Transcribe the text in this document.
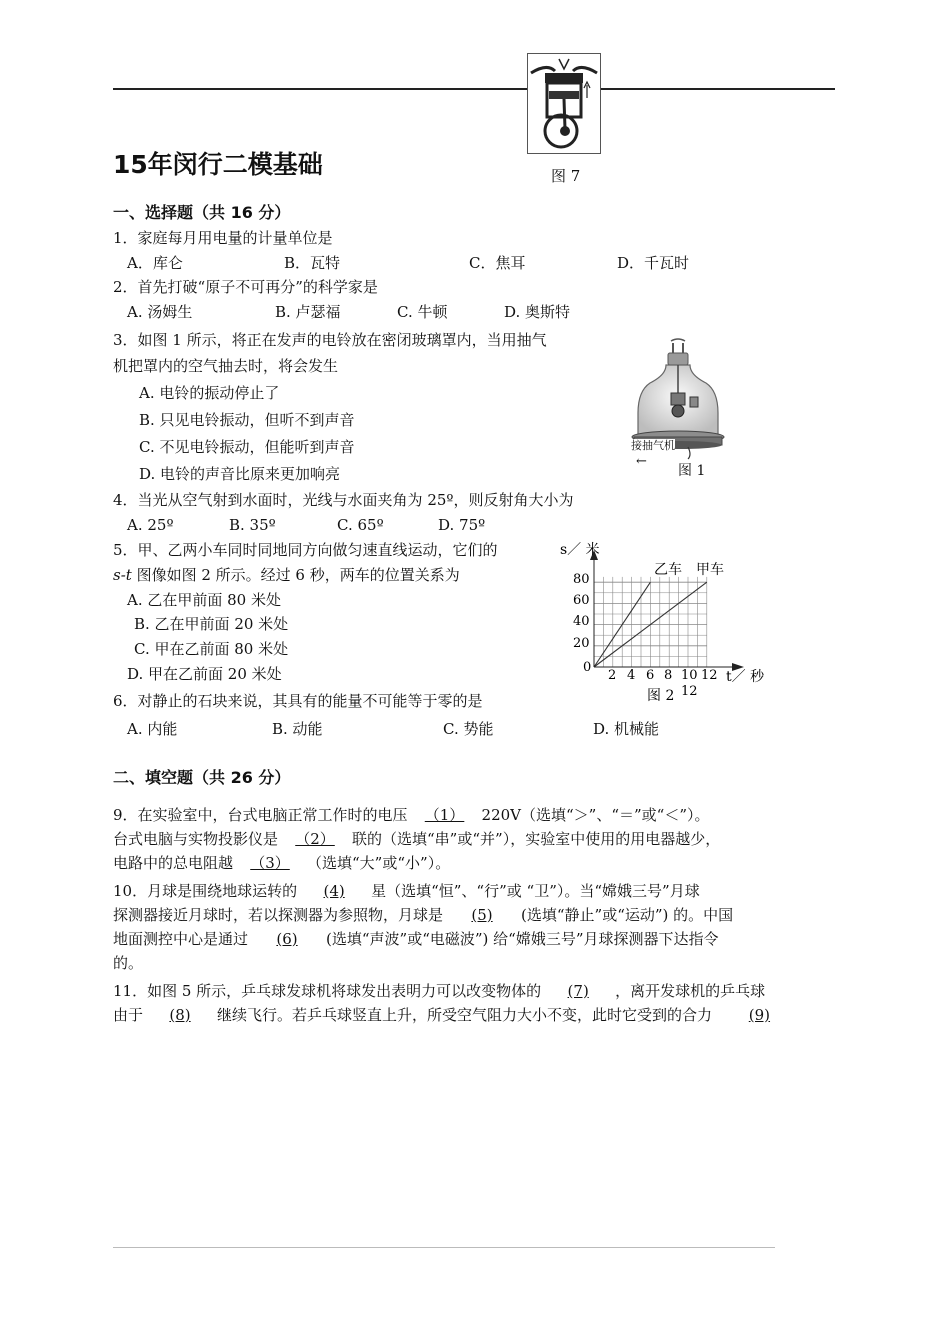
图 7
15年闵行二模基础
一、选择题（共 16 分）
1．家庭每月用电量的计量单位是
A．库仑	B．瓦特	C．焦耳	D．千瓦时
2．首先打破“原子不可再分”的科学家是
A. 汤姆生	B. 卢瑟福	C. 牛顿	D. 奥斯特
3．如图 1 所示，将正在发声的电铃放在密闭玻璃罩内，当用抽气
机把罩内的空气抽去时，将会发生
A. 电铃的振动停止了
B. 只见电铃振动，但听不到声音
C. 不见电铃振动，但能听到声音
D. 电铃的声音比原来更加响亮
接抽气机
←
图 1
4．当光从空气射到水面时，光线与水面夹角为 25º，则反射角大小为
A. 25º	B. 35º	C. 65º	D. 75º
5．甲、乙两小车同时同地同方向做匀速直线运动，它们的
s-t 图像如图 2 所示。经过 6 秒，两车的位置关系为
A. 乙在甲前面 80 米处
B. 乙在甲前面 20 米处
C. 甲在乙前面 80 米处
D. 甲在乙前面 20 米处
s／ 米
乙车 甲车
80
60
40
20
0
2 4 6 8 10 12
12
t／ 秒
图 2
6．对静止的石块来说，其具有的能量不可能等于零的是
A. 内能	B. 动能	C. 势能	D. 机械能
二、填空题（共 26 分）
9．在实验室中，台式电脑正常工作时的电压 （1） 220V（选填“＞”、“＝”或“＜”）。
台式电脑与实物投影仪是 （2） 联的（选填“串”或“并”），实验室中使用的用电器越少，
电路中的总电阻越 （3） （选填“大”或“小”）。
10．月球是围绕地球运转的 (4) 星（选填“恒”、“行”或 “卫”）。当“嫦娥三号”月球
探测器接近月球时，若以探测器为参照物，月球是 (5) (选填“静止”或“运动”) 的。中国
地面测控中心是通过 (6) (选填“声波”或“电磁波”) 给“嫦娥三号”月球探测器下达指令
的。
11．如图 5 所示，乒乓球发球机将球发出表明力可以改变物体的 (7) ，离开发球机的乒乓球
由于 (8) 继续飞行。若乒乓球竖直上升，所受空气阻力大小不变，此时它受到的合力 (9)
